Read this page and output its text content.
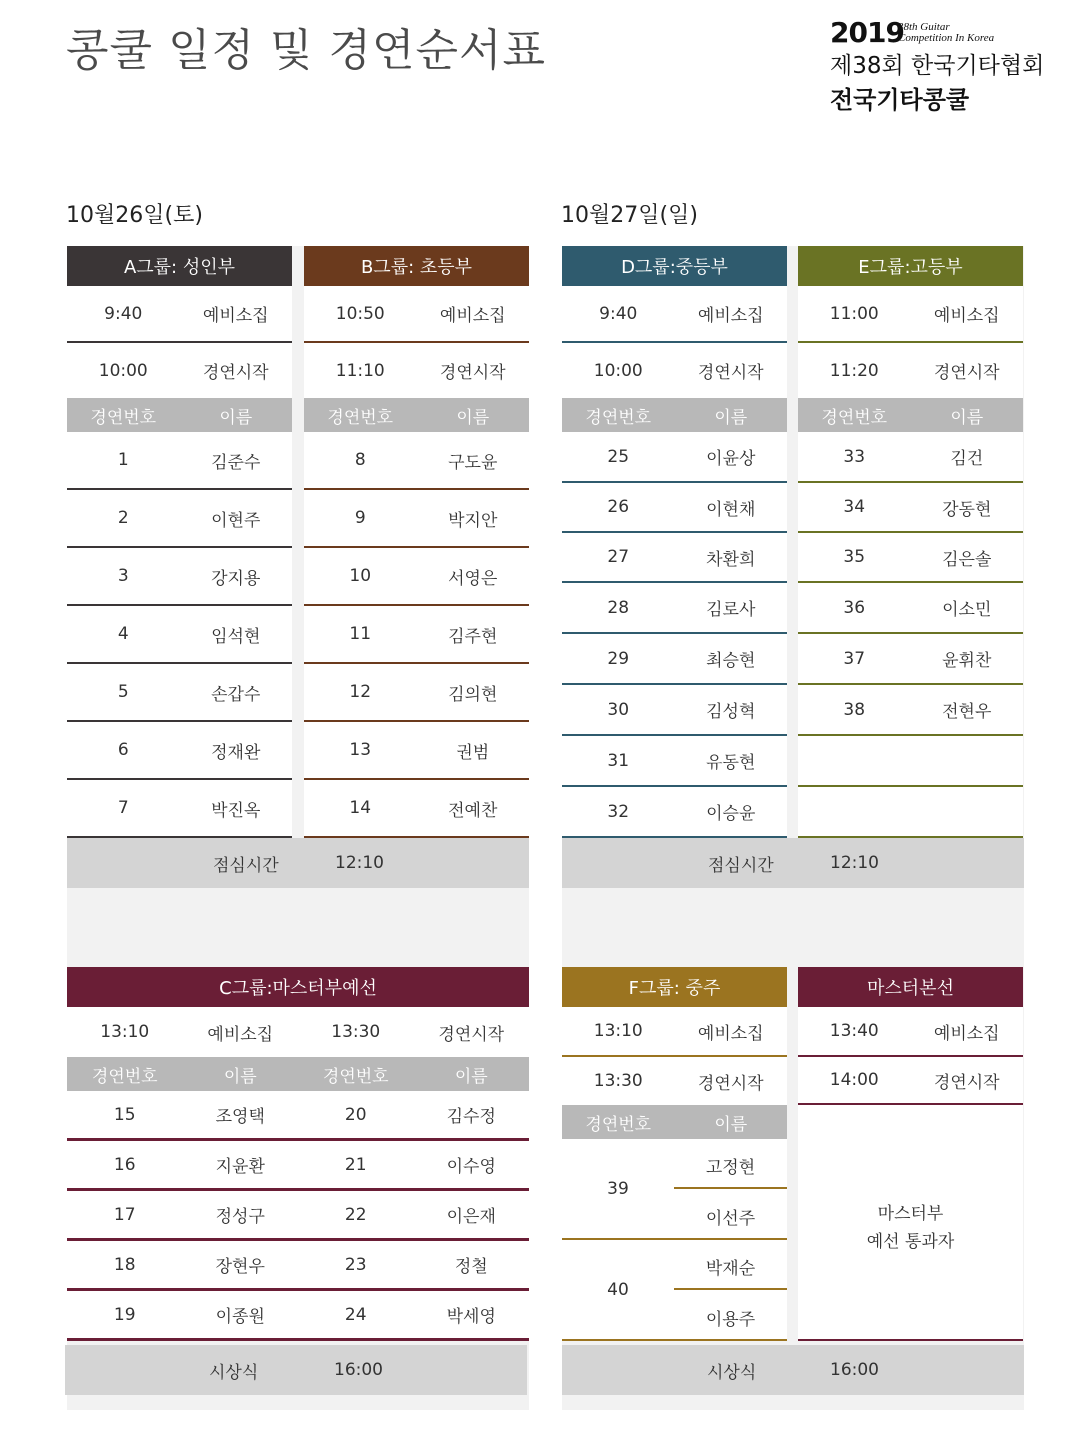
콩쿨 일정 및 경연순서표	2019
38th Guitar
Competition In Korea
제38회 한국기타협회
전국기타콩쿨
10월26일(토)	10월27일(일)
A그룹: 성인부
9:40	예비소집
10:00	경연시작
경연번호	이름
1	김준수
2	이현주
3	강지용
4	임석현
5	손갑수
6	정재완
7	박진옥
B그룹: 초등부
10:50	예비소집
11:10	경연시작
경연번호	이름
8	구도윤
9	박지안
10	서영은
11	김주현
12	김의현
13	권범
14	전예찬
점심시간	12:10
C그룹:마스터부예선
13:10	예비소집	13:30	경연시작
경연번호	이름	경연번호	이름
15	조영택	20	김수정
16	지윤환	21	이수영
17	정성구	22	이은재
18	장현우	23	정철
19	이종원	24	박세영
시상식	16:00
D그룹:중등부
9:40	예비소집
10:00	경연시작
경연번호	이름
25	이윤상
26	이현채
27	차환희
28	김로사
29	최승현
30	김성혁
31	유동현
32	이승윤
E그룹:고등부
11:00	예비소집
11:20	경연시작
경연번호	이름
33	김건
34	강동현
35	김은솔
36	이소민
37	윤휘찬
38	전현우
점심시간	12:10
F그룹: 중주
13:10	예비소집
13:30	경연시작
경연번호	이름
39
고정현
이선주
40
박재순
이용주
마스터본선
13:40	예비소집
14:00	경연시작
마스터부
예선 통과자
시상식	16:00
